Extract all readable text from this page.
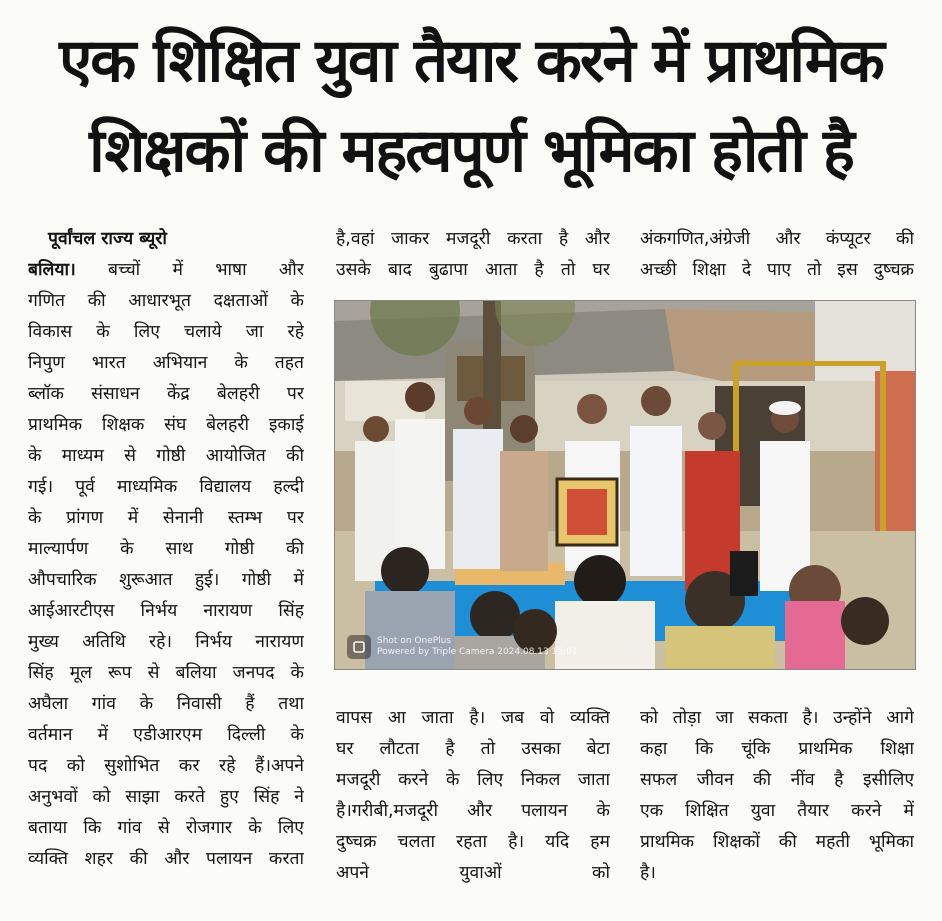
एक शिक्षित युवा तैयार करने में प्राथमिक
शिक्षकों की महत्वपूर्ण भूमिका होती है
पूर्वांचल राज्य ब्यूरो
बलिया। बच्चों में भाषा और
गणित की आधारभूत दक्षताओं के
विकास के लिए चलाये जा रहे
निपुण भारत अभियान के तहत
ब्लॉक संसाधन केंद्र बेलहरी पर
प्राथमिक शिक्षक संघ बेलहरी इकाई
के माध्यम से गोष्ठी आयोजित की
गई। पूर्व माध्यमिक विद्यालय हल्दी
के प्रांगण में सेनानी स्तम्भ पर
माल्यार्पण के साथ गोष्ठी की
औपचारिक शुरूआत हुई। गोष्ठी में
आईआरटीएस निर्भय नारायण सिंह
मुख्य अतिथि रहे। निर्भय नारायण
सिंह मूल रूप से बलिया जनपद के
अघैला गांव के निवासी हैं तथा
वर्तमान में एडीआरएम दिल्ली के
पद को सुशोभित कर रहे हैं।अपने
अनुभवों को साझा करते हुए सिंह ने
बताया कि गांव से रोजगार के लिए
व्यक्ति शहर की और पलायन करता
है,वहां जाकर मजदूरी करता है और
उसके बाद बुढापा आता है तो घर
अंकगणित,अंग्रेजी और कंप्यूटर की
अच्छी शिक्षा दे पाए तो इस दुष्चक्र
Shot on OnePlus
Powered by Triple Camera 2024.08.13 15:01
वापस आ जाता है। जब वो व्यक्ति
घर लौटता है तो उसका बेटा
मजदूरी करने के लिए निकल जाता
है।गरीबी,मजदूरी और पलायन के
दुष्चक्र चलता रहता है। यदि हम
अपने युवाओं को
को तोड़ा जा सकता है। उन्होंने आगे
कहा कि चूंकि प्राथमिक शिक्षा
सफल जीवन की नींव है इसीलिए
एक शिक्षित युवा तैयार करने में
प्राथमिक शिक्षकों की महती भूमिका
है।
